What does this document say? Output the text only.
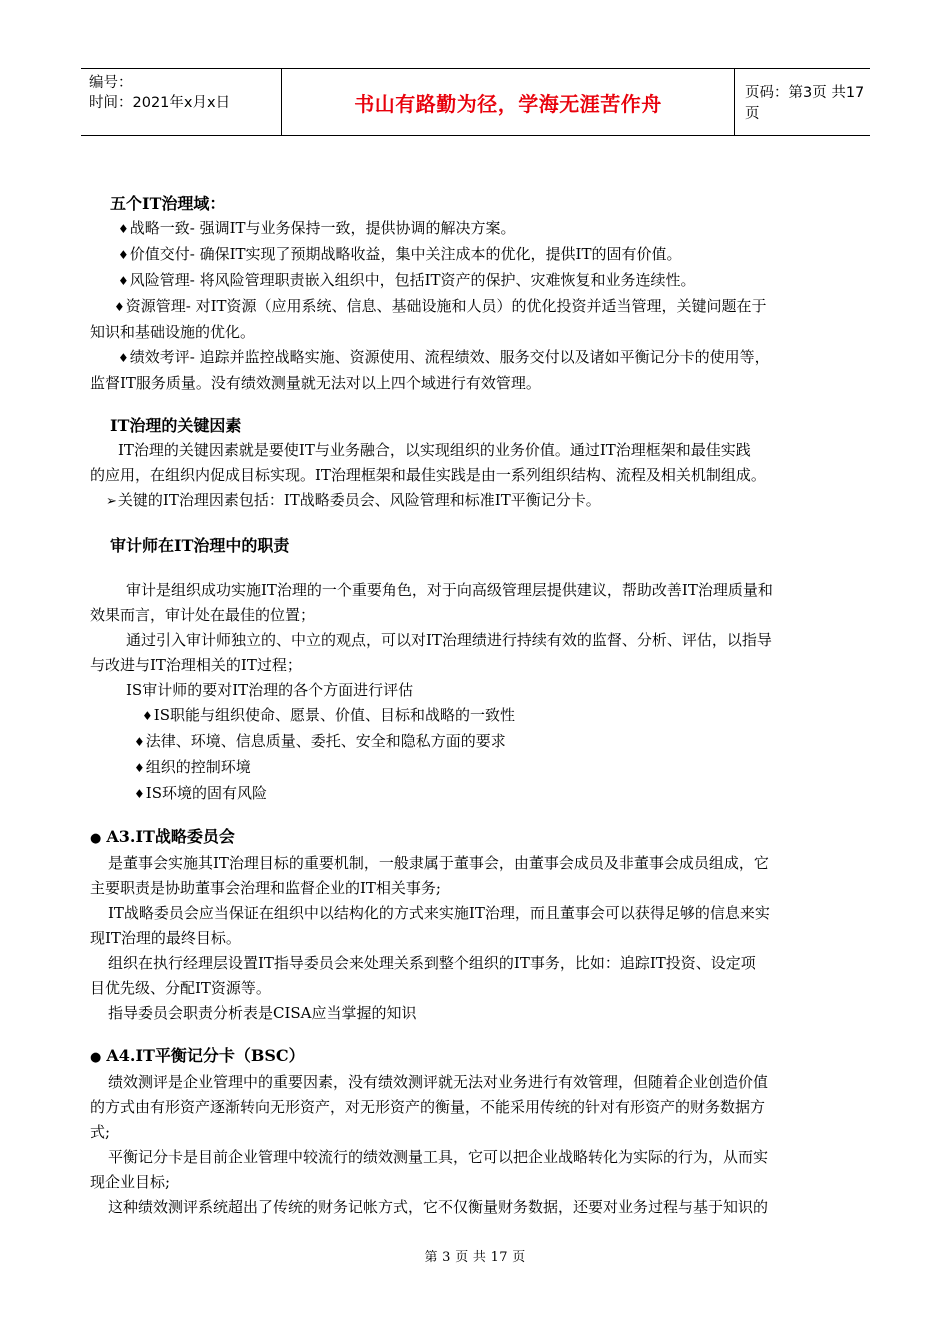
编号：
时间：2021年x月x日	书山有路勤为径，学海无涯苦作舟	页码：第3页 共17页

五个IT治理域：

♦ 战略一致- 强调IT与业务保持一致，提供协调的解决方案。

♦ 价值交付- 确保IT实现了预期战略收益，集中关注成本的优化，提供IT的固有价值。

♦ 风险管理- 将风险管理职责嵌入组织中，包括IT资产的保护、灾难恢复和业务连续性。

♦ 资源管理- 对IT资源（应用系统、信息、基础设施和人员）的优化投资并适当管理，关键问题在于

知识和基础设施的优化。

♦ 绩效考评- 追踪并监控战略实施、资源使用、流程绩效、服务交付以及诸如平衡记分卡的使用等，

监督IT服务质量。没有绩效测量就无法对以上四个域进行有效管理。

IT治理的关键因素

IT治理的关键因素就是要使IT与业务融合，以实现组织的业务价值。通过IT治理框架和最佳实践

的应用，在组织内促成目标实现。IT治理框架和最佳实践是由一系列组织结构、流程及相关机制组成。

➢ 关键的IT治理因素包括：IT战略委员会、风险管理和标准IT平衡记分卡。

审计师在IT治理中的职责

审计是组织成功实施IT治理的一个重要角色，对于向高级管理层提供建议，帮助改善IT治理质量和

效果而言，审计处在最佳的位置；

通过引入审计师独立的、中立的观点，可以对IT治理绩进行持续有效的监督、分析、评估，以指导

与改进与IT治理相关的IT过程；

IS审计师的要对IT治理的各个方面进行评估

♦ IS职能与组织使命、愿景、价值、目标和战略的一致性

♦ 法律、环境、信息质量、委托、安全和隐私方面的要求

♦ 组织的控制环境

♦ IS环境的固有风险

● A3.IT战略委员会

是董事会实施其IT治理目标的重要机制，一般隶属于董事会，由董事会成员及非董事会成员组成，它

主要职责是协助董事会治理和监督企业的IT相关事务;

IT战略委员会应当保证在组织中以结构化的方式来实施IT治理，而且董事会可以获得足够的信息来实

现IT治理的最终目标。

组织在执行经理层设置IT指导委员会来处理关系到整个组织的IT事务，比如：追踪IT投资、设定项

目优先级、分配IT资源等。

指导委员会职责分析表是CISA应当掌握的知识

● A4.IT平衡记分卡（BSC）

绩效测评是企业管理中的重要因素，没有绩效测评就无法对业务进行有效管理，但随着企业创造价值

的方式由有形资产逐渐转向无形资产，对无形资产的衡量，不能采用传统的针对有形资产的财务数据方

式;

平衡记分卡是目前企业管理中较流行的绩效测量工具，它可以把企业战略转化为实际的行为，从而实

现企业目标;

这种绩效测评系统超出了传统的财务记帐方式，它不仅衡量财务数据，还要对业务过程与基于知识的

第 3 页 共 17 页
